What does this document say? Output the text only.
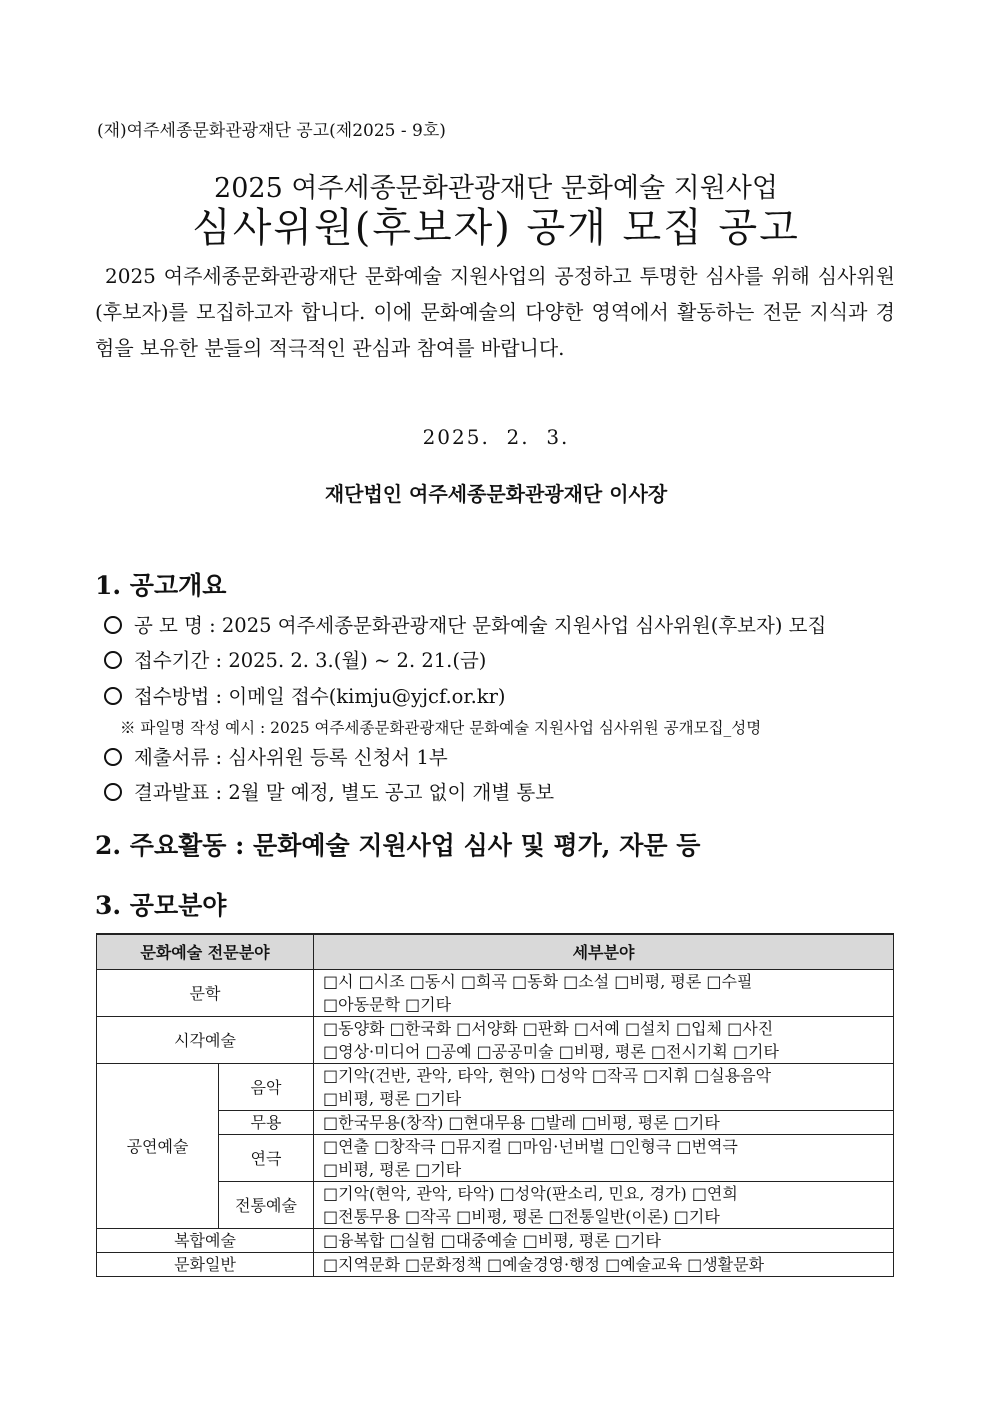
(재)여주세종문화관광재단 공고(제2025 - 9호)
2025 여주세종문화관광재단 문화예술 지원사업
심사위원(후보자) 공개 모집 공고
2025 여주세종문화관광재단 문화예술 지원사업의 공정하고 투명한 심사를 위해 심사위원(후보자)를 모집하고자 합니다. 이에 문화예술의 다양한 영역에서 활동하는 전문 지식과 경험을 보유한 분들의 적극적인 관심과 참여를 바랍니다.
2025.  2.  3.
재단법인 여주세종문화관광재단 이사장
1. 공고개요
공 모 명 : 2025 여주세종문화관광재단 문화예술 지원사업 심사위원(후보자) 모집
접수기간 : 2025. 2. 3.(월) ~ 2. 21.(금)
접수방법 : 이메일 접수(kimju@yjcf.or.kr)
※ 파일명 작성 예시 : 2025 여주세종문화관광재단 문화예술 지원사업 심사위원 공개모집_성명
제출서류 : 심사위원 등록 신청서 1부
결과발표 : 2월 말 예정, 별도 공고 없이 개별 통보
2. 주요활동 : 문화예술 지원사업 심사 및 평가, 자문 등
3. 공모분야
문화예술 전문분야		세부분야
문학		□시 □시조 □동시 □희곡 □동화 □소설 □비평, 평론 □수필
□아동문학 □기타

시각예술		□동양화 □한국화 □서양화 □판화 □서예 □설치 □입체 □사진
□영상·미디어 □공예 □공공미술 □비평, 평론 □전시기획 □기타

공연예술	음악	□기악(건반, 관악, 타악, 현악) □성악 □작곡 □지휘 □실용음악
□비평, 평론 □기타

	무용	□한국무용(창작) □현대무용 □발레 □비평, 평론 □기타

	연극	□연출 □창작극 □뮤지컬 □마임·넌버벌 □인형극 □번역극
□비평, 평론 □기타

	전통예술	□기악(현악, 관악, 타악) □성악(판소리, 민요, 경가) □연희
□전통무용 □작곡 □비평, 평론 □전통일반(이론) □기타

복합예술		□융복합 □실험 □대중예술 □비평, 평론 □기타

문화일반		□지역문화 □문화정책 □예술경영·행정 □예술교육 □생활문화
